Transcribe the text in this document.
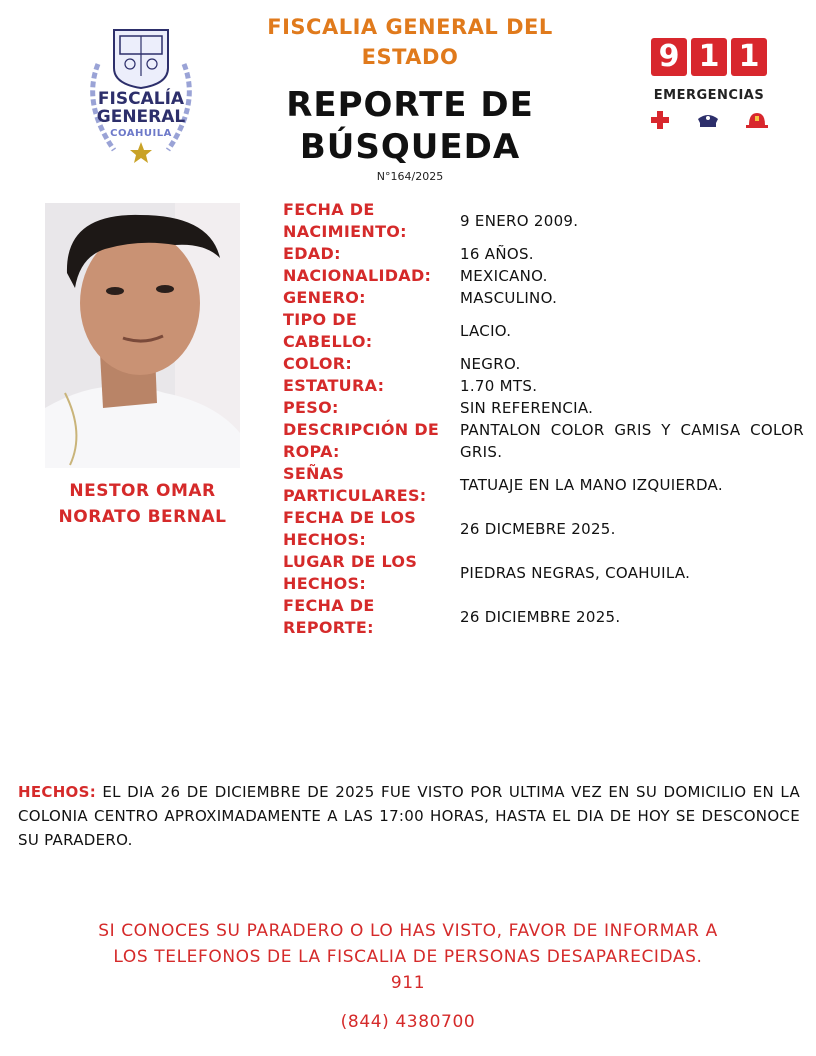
FISCALÍA
GENERAL
COAHUILA
FISCALIA GENERAL DEL ESTADO
REPORTE DE BÚSQUEDA
N°164/2025
9 1 1
EMERGENCIAS
NESTOR OMAR
NORATO BERNAL
FECHA DE NACIMIENTO:
9 ENERO 2009.
EDAD:	16 AÑOS.
NACIONALIDAD:	MEXICANO.
GENERO:	MASCULINO.
TIPO DE CABELLO:
LACIO.
COLOR:	NEGRO.
ESTATURA:	1.70 MTS.
PESO:	SIN REFERENCIA.
DESCRIPCIÓN DE ROPA:
PANTALON COLOR GRIS Y CAMISA COLOR GRIS.
SEÑAS PARTICULARES:
TATUAJE EN LA MANO IZQUIERDA.
FECHA DE LOS HECHOS:
26 DICMEBRE 2025.
LUGAR DE LOS HECHOS:
PIEDRAS NEGRAS, COAHUILA.
FECHA DE REPORTE:
26 DICIEMBRE 2025.
HECHOS: EL DIA 26 DE DICIEMBRE DE 2025 FUE VISTO POR ULTIMA VEZ EN SU DOMICILIO EN LA COLONIA CENTRO APROXIMADAMENTE A LAS 17:00 HORAS, HASTA EL DIA DE HOY SE DESCONOCE SU PARADERO.
SI CONOCES SU PARADERO O LO HAS VISTO, FAVOR DE INFORMAR A
LOS TELEFONOS DE LA FISCALIA DE PERSONAS DESAPARECIDAS.
911
(844) 4380700
